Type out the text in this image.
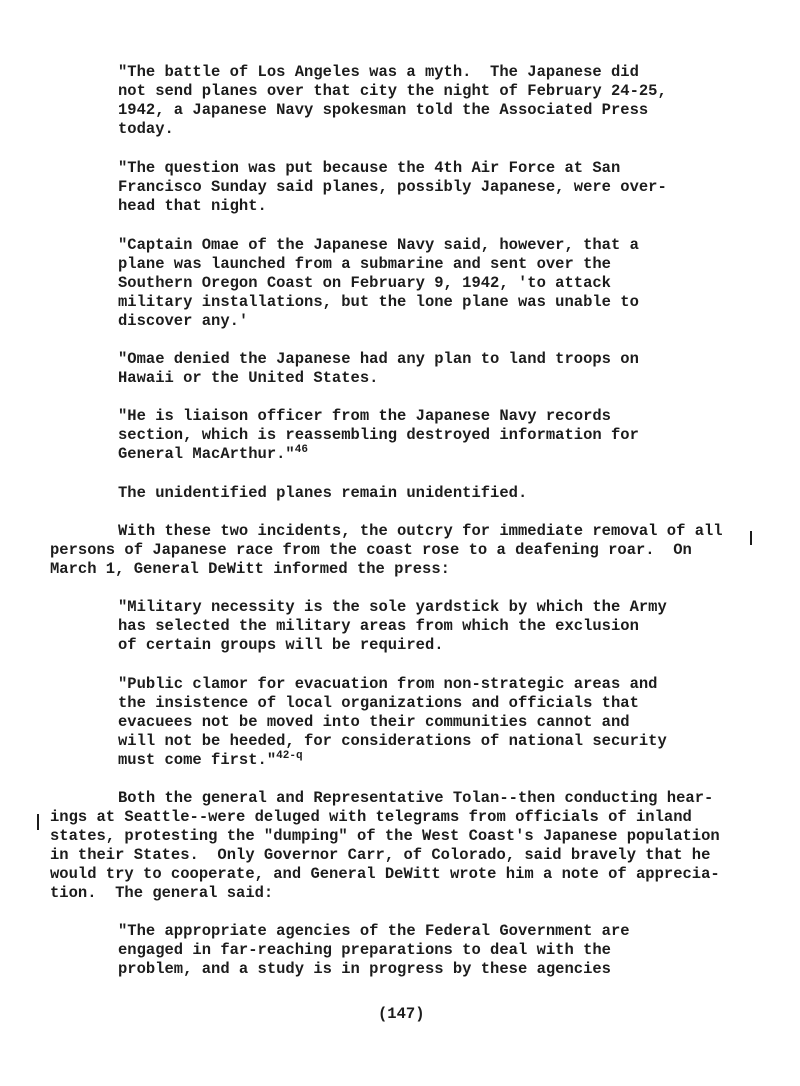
"The battle of Los Angeles was a myth.  The Japanese did
not send planes over that city the night of February 24-25,
1942, a Japanese Navy spokesman told the Associated Press
today.
"The question was put because the 4th Air Force at San
Francisco Sunday said planes, possibly Japanese, were over-
head that night.
"Captain Omae of the Japanese Navy said, however, that a
plane was launched from a submarine and sent over the
Southern Oregon Coast on February 9, 1942, 'to attack
military installations, but the lone plane was unable to
discover any.'
"Omae denied the Japanese had any plan to land troops on
Hawaii or the United States.
"He is liaison officer from the Japanese Navy records
section, which is reassembling destroyed information for
General MacArthur."$^{46}$
The unidentified planes remain unidentified.
With these two incidents, the outcry for immediate removal of all
persons of Japanese race from the coast rose to a deafening roar.  On
March 1, General DeWitt informed the press:
"Military necessity is the sole yardstick by which the Army
has selected the military areas from which the exclusion
of certain groups will be required.
"Public clamor for evacuation from non-strategic areas and
the insistence of local organizations and officials that
evacuees not be moved into their communities cannot and
will not be heeded, for considerations of national security
must come first."$^{42-q}$
Both the general and Representative Tolan--then conducting hear-
ings at Seattle--were deluged with telegrams from officials of inland
states, protesting the "dumping" of the West Coast's Japanese population
in their States.  Only Governor Carr, of Colorado, said bravely that he
would try to cooperate, and General DeWitt wrote him a note of apprecia-
tion.  The general said:
"The appropriate agencies of the Federal Government are
engaged in far-reaching preparations to deal with the
problem, and a study is in progress by these agencies
(147)
